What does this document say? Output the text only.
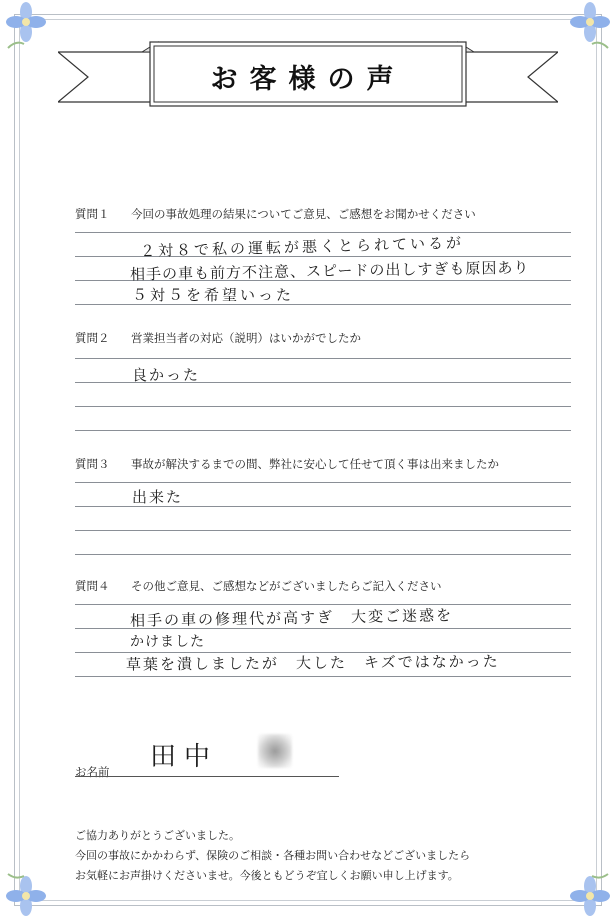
お客様の声
質問１ 今回の事故処理の結果についてご意見、ご感想をお聞かせください
２対８で私の運転が悪くとられているが
相手の車も前方不注意、スピードの出しすぎも原因あり
５対５を希望いった
質問２ 営業担当者の対応（説明）はいかがでしたか
良かった
質問３ 事故が解決するまでの間、弊社に安心して任せて頂く事は出来ましたか
出来た
質問４ その他ご意見、ご感想などがございましたらご記入ください
相手の車の修理代が高すぎ　大変ご迷惑を
かけました
草葉を潰しましたが　大した　キズではなかった
田中
お名前
ご協力ありがとうございました。
今回の事故にかかわらず、保険のご相談・各種お問い合わせなどございましたら
お気軽にお声掛けくださいませ。今後ともどうぞ宜しくお願い申し上げます。
